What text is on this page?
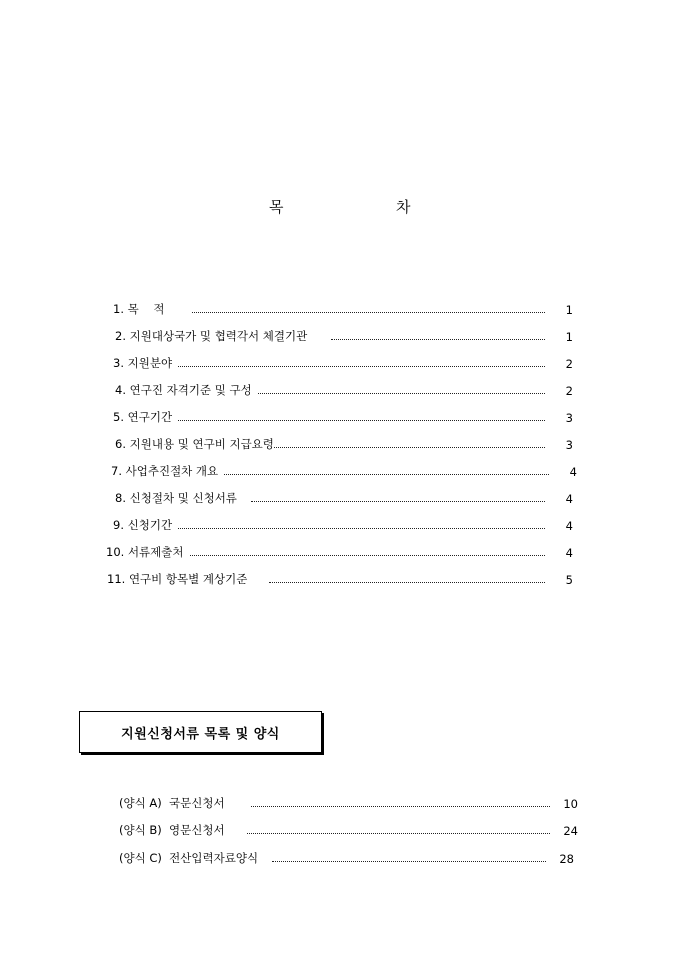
목	차
1. 목    적	1
2. 지원대상국가 및 협력각서 체결기관	1
3. 지원분야	2
4. 연구진 자격기준 및 구성	2
5. 연구기간	3
6. 지원내용 및 연구비 지급요령	3
7. 사업추진절차 개요	4
8. 신청절차 및 신청서류	4
9. 신청기간	4
10. 서류제출처	4
11. 연구비 항목별 계상기준	5
지원신청서류 목록 및 양식
(양식 A)  국문신청서	10
(양식 B)  영문신청서	24
(양식 C)  전산입력자료양식	28
